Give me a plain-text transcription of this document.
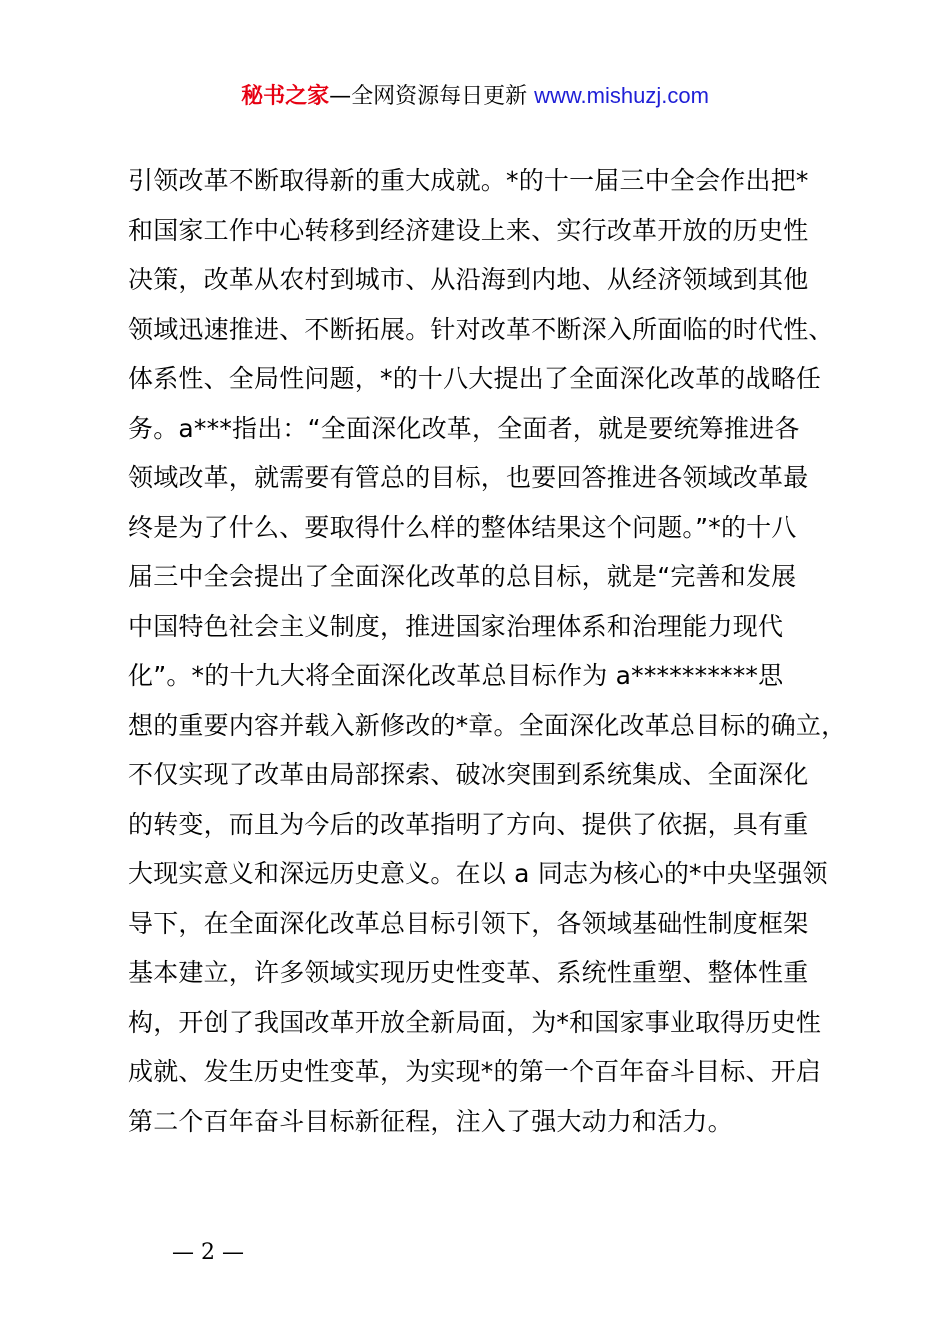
秘书之家—全网资源每日更新 www.mishuzj.com
引领改革不断取得新的重大成就。*的十一届三中全会作出把*
和国家工作中心转移到经济建设上来、实行改革开放的历史性
决策，改革从农村到城市、从沿海到内地、从经济领域到其他
领域迅速推进、不断拓展。针对改革不断深入所面临的时代性、
体系性、全局性问题，*的十八大提出了全面深化改革的战略任
务。a***指出：“全面深化改革，全面者，就是要统筹推进各
领域改革，就需要有管总的目标，也要回答推进各领域改革最
终是为了什么、要取得什么样的整体结果这个问题。”*的十八
届三中全会提出了全面深化改革的总目标，就是“完善和发展
中国特色社会主义制度，推进国家治理体系和治理能力现代
化”。*的十九大将全面深化改革总目标作为 a**********思
想的重要内容并载入新修改的*章。全面深化改革总目标的确立，
不仅实现了改革由局部探索、破冰突围到系统集成、全面深化
的转变，而且为今后的改革指明了方向、提供了依据，具有重
大现实意义和深远历史意义。在以 a 同志为核心的*中央坚强领
导下，在全面深化改革总目标引领下，各领域基础性制度框架
基本建立，许多领域实现历史性变革、系统性重塑、整体性重
构，开创了我国改革开放全新局面，为*和国家事业取得历史性
成就、发生历史性变革，为实现*的第一个百年奋斗目标、开启
第二个百年奋斗目标新征程，注入了强大动力和活力。
— 2 —
